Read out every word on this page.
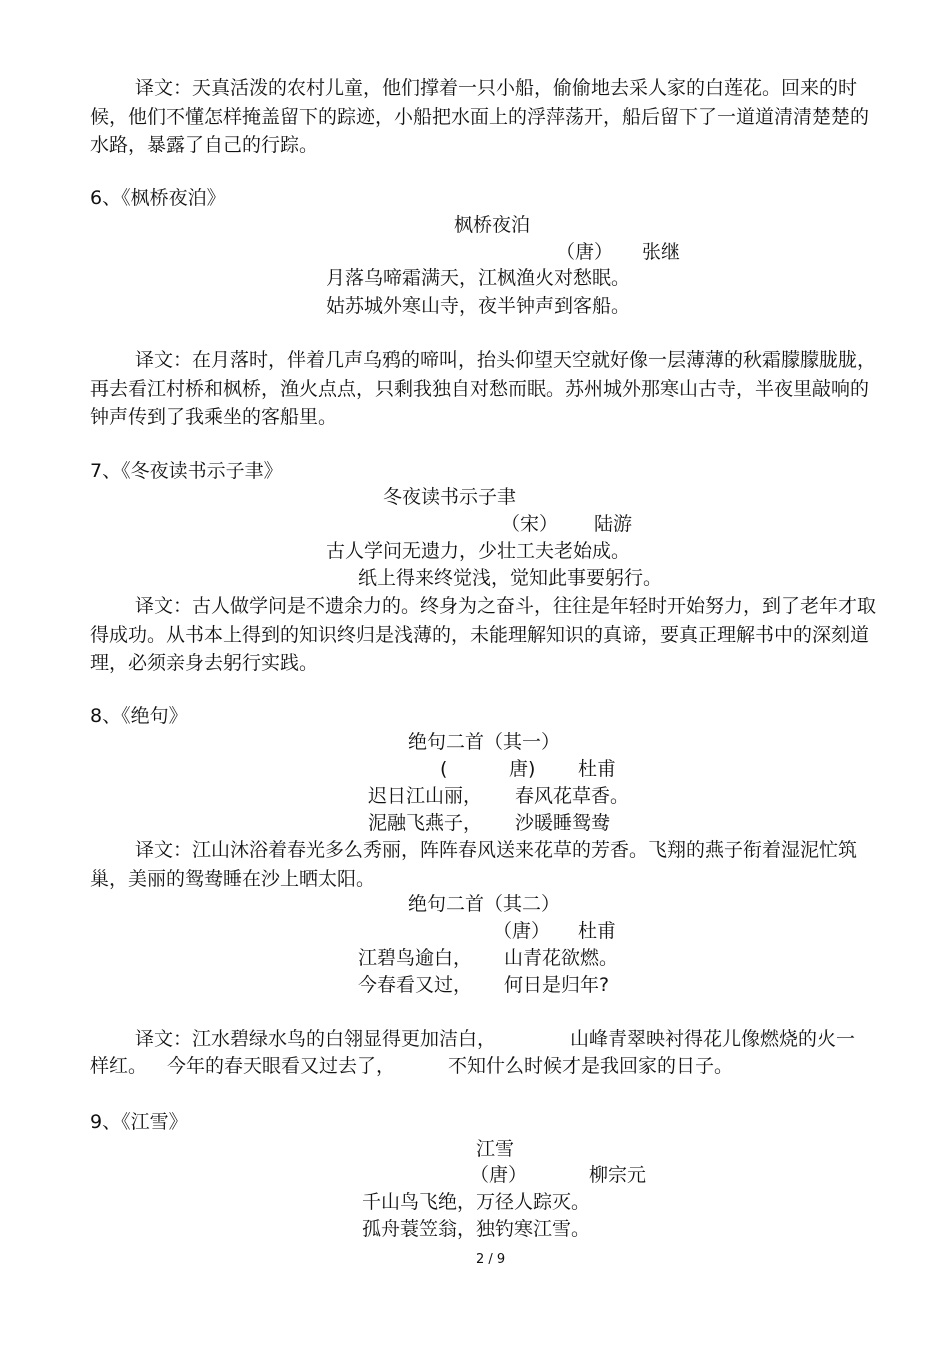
译文：天真活泼的农村儿童，他们撑着一只小船，偷偷地去采人家的白莲花。回来的时候，他们不懂怎样掩盖留下的踪迹，小船把水面上的浮萍荡开，船后留下了一道道清清楚楚的水路，暴露了自己的行踪。
6、《枫桥夜泊》
枫桥夜泊
（唐） 张继
月落乌啼霜满天，江枫渔火对愁眠。
姑苏城外寒山寺，夜半钟声到客船。
译文：在月落时，伴着几声乌鸦的啼叫，抬头仰望天空就好像一层薄薄的秋霜朦朦胧胧，再去看江村桥和枫桥，渔火点点，只剩我独自对愁而眠。苏州城外那寒山古寺，半夜里敲响的钟声传到了我乘坐的客船里。
7、《冬夜读书示子聿》
冬夜读书示子聿
（宋） 陆游
古人学问无遗力，少壮工夫老始成。
纸上得来终觉浅，觉知此事要躬行。
译文：古人做学问是不遗余力的。终身为之奋斗，往往是年轻时开始努力，到了老年才取得成功。从书本上得到的知识终归是浅薄的，未能理解知识的真谛，要真正理解书中的深刻道理，必须亲身去躬行实践。
8、《绝句》
绝句二首（其一）
(	唐) 杜甫
迟日江山丽， 春风花草香。
泥融飞燕子， 沙暖睡鸳鸯
译文：江山沐浴着春光多么秀丽，阵阵春风送来花草的芳香。飞翔的燕子衔着湿泥忙筑巢，美丽的鸳鸯睡在沙上晒太阳。
绝句二首（其二）
（唐） 杜甫
江碧鸟逾白， 山青花欲燃。
今春看又过， 何日是归年?
译文：江水碧绿水鸟的白翎显得更加洁白，	山峰青翠映衬得花儿像燃烧的火一
样红。 今年的春天眼看又过去了，	不知什么时候才是我回家的日子。
9、《江雪》
江雪
（唐）	柳宗元
千山鸟飞绝，万径人踪灭。
孤舟蓑笠翁，独钓寒江雪。
2 / 9
